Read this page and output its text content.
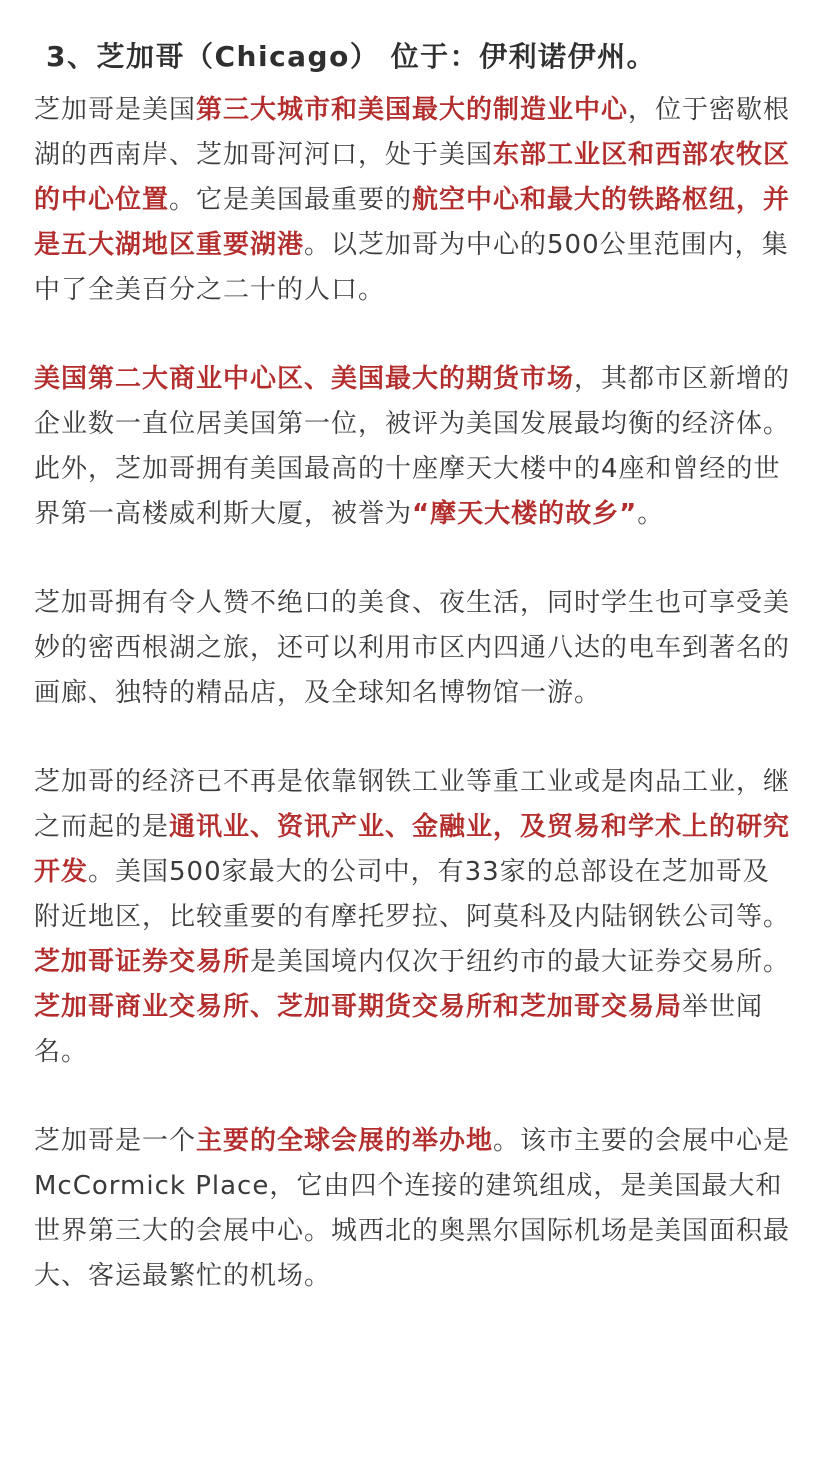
3、芝加哥（Chicago） 位于：伊利诺伊州。

芝加哥是美国第三大城市和美国最大的制造业中心，位于密歇根湖的西南岸、芝加哥河河口，处于美国东部工业区和西部农牧区的中心位置。它是美国最重要的航空中心和最大的铁路枢纽，并是五大湖地区重要湖港。以芝加哥为中心的500公里范围内，集中了全美百分之二十的人口。

美国第二大商业中心区、美国最大的期货市场，其都市区新增的企业数一直位居美国第一位，被评为美国发展最均衡的经济体。此外，芝加哥拥有美国最高的十座摩天大楼中的4座和曾经的世界第一高楼威利斯大厦，被誉为“摩天大楼的故乡”。

芝加哥拥有令人赞不绝口的美食、夜生活，同时学生也可享受美妙的密西根湖之旅，还可以利用市区内四通八达的电车到著名的画廊、独特的精品店，及全球知名博物馆一游。

芝加哥的经济已不再是依靠钢铁工业等重工业或是肉品工业，继之而起的是通讯业、资讯产业、金融业，及贸易和学术上的研究开发。美国500家最大的公司中，有33家的总部设在芝加哥及附近地区，比较重要的有摩托罗拉、阿莫科及内陆钢铁公司等。芝加哥证券交易所是美国境内仅次于纽约市的最大证券交易所。芝加哥商业交易所、芝加哥期货交易所和芝加哥交易局举世闻名。

芝加哥是一个主要的全球会展的举办地。该市主要的会展中心是McCormick Place，它由四个连接的建筑组成，是美国最大和世界第三大的会展中心。城西北的奥黑尔国际机场是美国面积最大、客运最繁忙的机场。
